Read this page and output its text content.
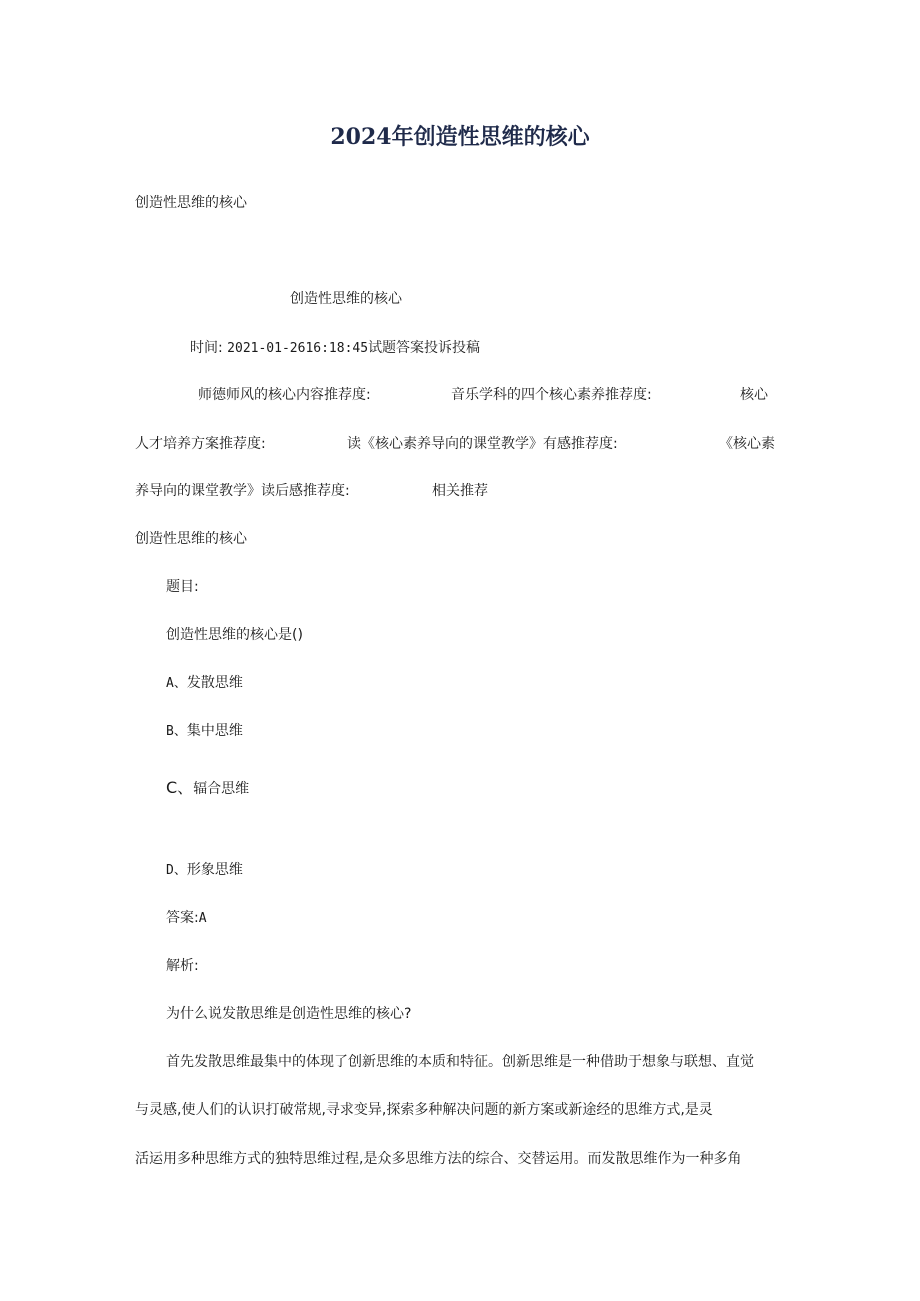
2024年创造性思维的核心
创造性思维的核心
创造性思维的核心
时间: 2021-01-2616:18:45试题答案投诉投稿
师德师风的核心内容推荐度:	音乐学科的四个核心素养推荐度:	核心
人才培养方案推荐度:	读《核心素养导向的课堂教学》有感推荐度:	《核心素
养导向的课堂教学》读后感推荐度:	相关推荐
创造性思维的核心
题目:
创造性思维的核心是()
A、发散思维
B、集中思维
C、辐合思维
D、形象思维
答案:A
解析:
为什么说发散思维是创造性思维的核心?
首先发散思维最集中的体现了创新思维的本质和特征。创新思维是一种借助于想象与联想、直觉
与灵感,使人们的认识打破常规,寻求变异,探索多种解决问题的新方案或新途经的思维方式,是灵
活运用多种思维方式的独特思维过程,是众多思维方法的综合、交替运用。而发散思维作为一种多角
